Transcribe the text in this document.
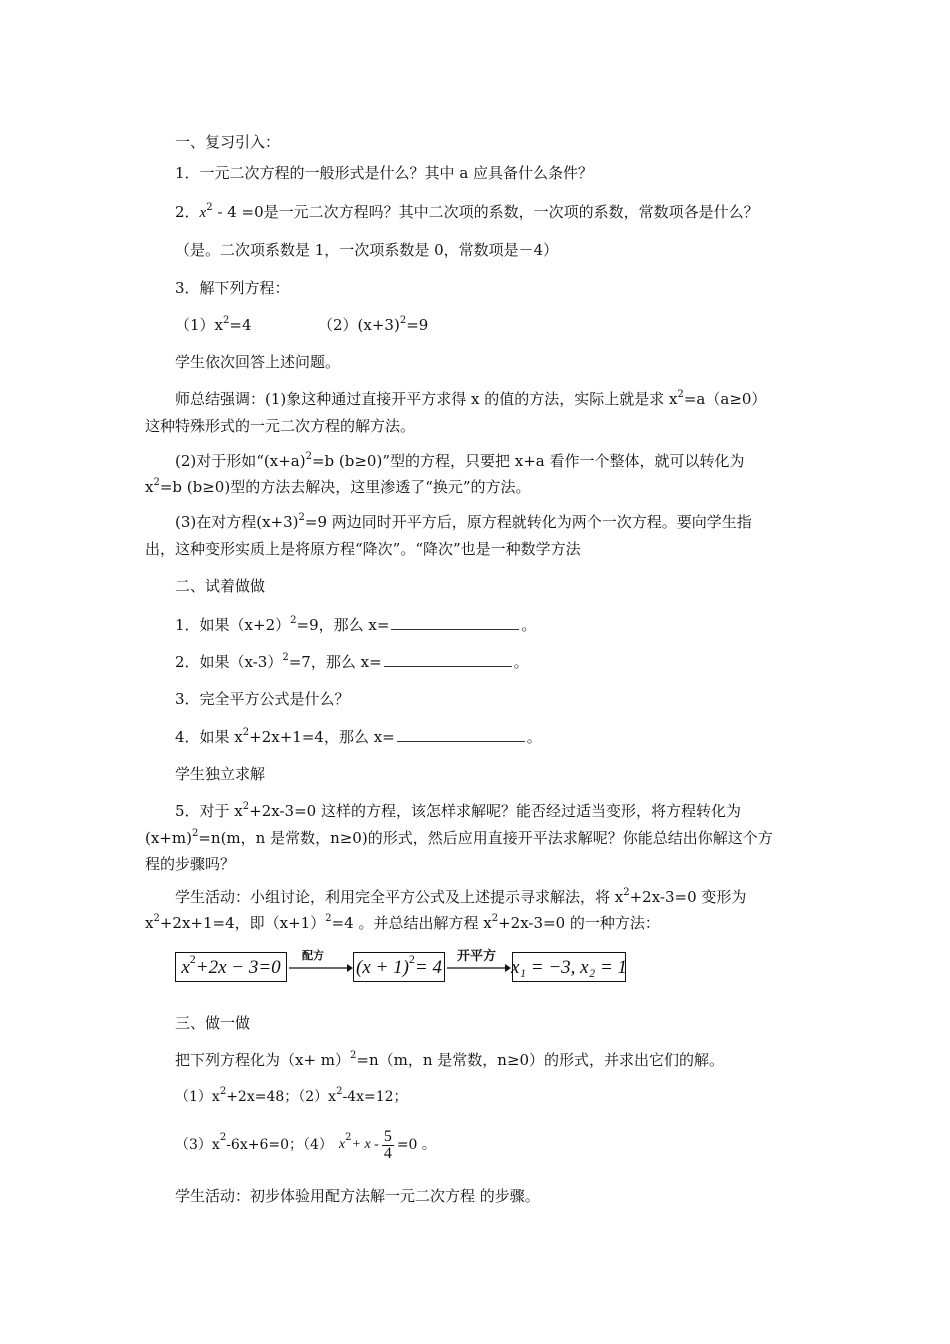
一、复习引入：
1．一元二次方程的一般形式是什么？其中 a 应具备什么条件？
2．$x^2 - 4 =0$是一元二次方程吗？其中二次项的系数，一次项的系数，常数项各是什么？
（是。二次项系数是 1，一次项系数是 0，常数项是－4）
3．解下列方程：
$(1)x^2=4$	$(2)(x+3)^2=9$
学生依次回答上述问题。
师总结强调：(1)象这种通过直接开平方求得 x 的值的方法，实际上就是求 $x^2=a(a\ge 0)$
这种特殊形式的一元二次方程的解方法。
(2)对于形如“$(x+a)^2=b$ (b≥0)”型的方程，只要把 x+a 看作一个整体，就可以转化为
$x^2=b$ (b≥0)型的方法去解决，这里渗透了“换元”的方法。
(3)在对方程$(x+3)^2=9$ 两边同时开平方后，原方程就转化为两个一次方程。要向学生指
出，这种变形实质上是将原方程“降次”。“降次”也是一种数学方法
二、试着做做
1．如果$(x+2)^2=9$，那么 x=	。
2．如果$(x-3)^2=7$，那么 x=	。
3．完全平方公式是什么？
4．如果 $x^2+2x+1=4$，那么 x=	。
学生独立求解
5．对于 $x^2+2x-3=0$ 这样的方程，该怎样求解呢？能否经过适当变形，将方程转化为
$(x+m)^2=n(m$，n 是常数，n≥0)的形式，然后应用直接开平法求解呢？你能总结出你解这个方
程的步骤吗？
学生活动：小组讨论，利用完全平方公式及上述提示寻求解法，将 $x^2+2x-3=0$ 变形为
$x^2+2x+1=4$，即$(x+1)^2=4$ 。并总结出解方程 $x^2+2x-3=0$ 的一种方法：
x 2 +2x − 3=0
配方
(x + 1) 2 = 4 开平方 x₁ = −3, x₂ = 1
三、做一做
把下列方程化为$(x+ m)^2=n(m$，n 是常数，n≥0）的形式，并求出它们的解。
$(1)x^2+2x=48$；$(2)x^2-4x=12$；
（3）x 2 -6x+6=0；（4） x $2 + x - \frac{5}{4} =0$ 。
学生活动：初步体验用配方法解一元二次方程 的步骤。
